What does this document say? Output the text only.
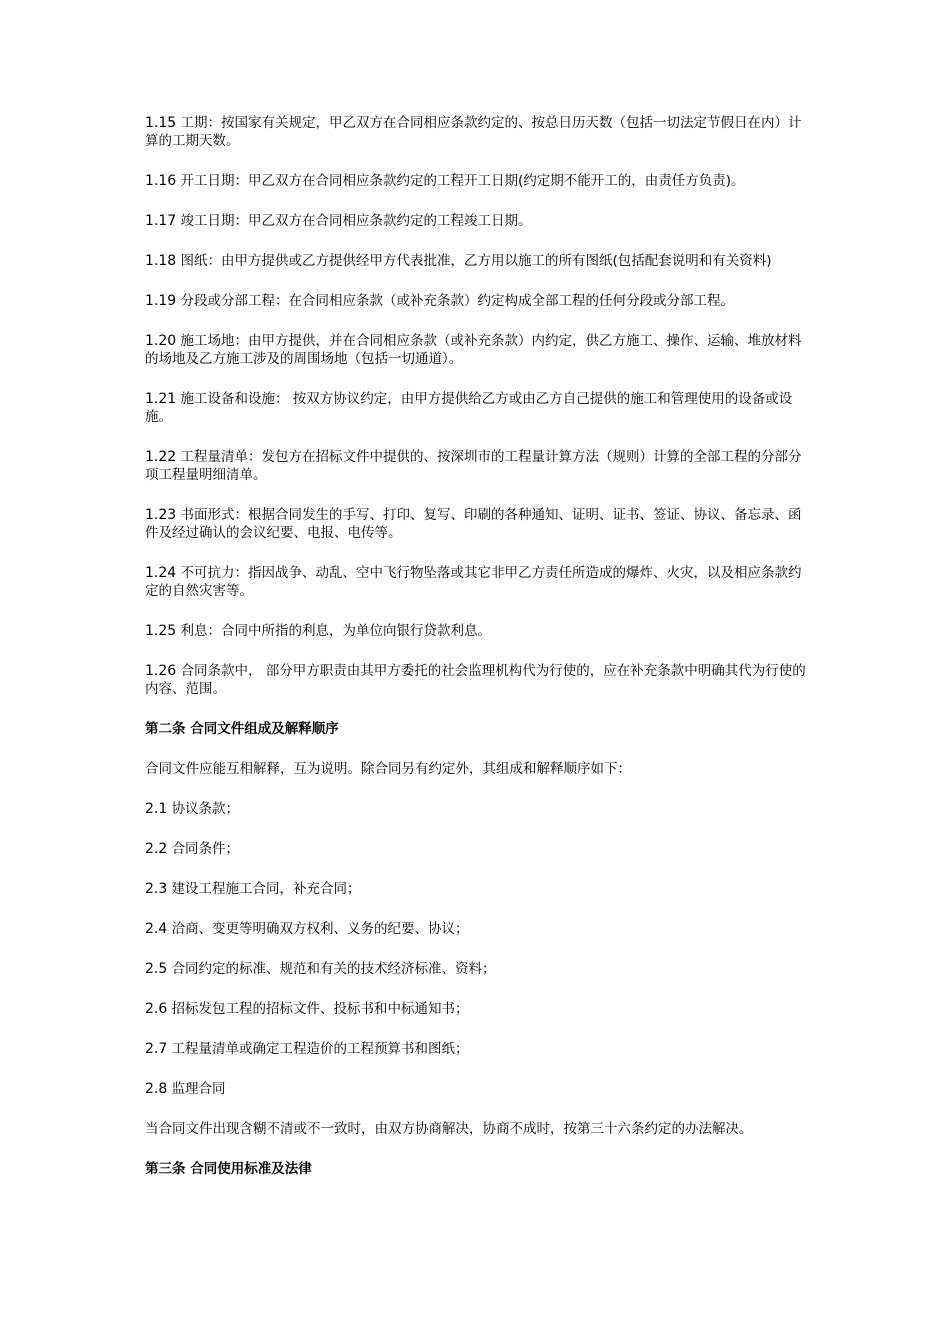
1.15 工期：按国家有关规定，甲乙双方在合同相应条款约定的、按总日历天数（包括一切法定节假日在内）计算的工期天数。

1.16 开工日期：甲乙双方在合同相应条款约定的工程开工日期(约定期不能开工的，由责任方负责)。

1.17 竣工日期：甲乙双方在合同相应条款约定的工程竣工日期。

1.18 图纸：由甲方提供或乙方提供经甲方代表批准，乙方用以施工的所有图纸(包括配套说明和有关资料)

1.19 分段或分部工程：在合同相应条款（或补充条款）约定构成全部工程的任何分段或分部工程。

1.20 施工场地：由甲方提供，并在合同相应条款（或补充条款）内约定，供乙方施工、操作、运输、堆放材料的场地及乙方施工涉及的周围场地（包括一切通道）。

1.21 施工设备和设施： 按双方协议约定，由甲方提供给乙方或由乙方自己提供的施工和管理使用的设备或设施。

1.22 工程量清单：发包方在招标文件中提供的、按深圳市的工程量计算方法（规则）计算的全部工程的分部分项工程量明细清单。

1.23 书面形式：根据合同发生的手写、打印、复写、印刷的各种通知、证明、证书、签证、协议、备忘录、函件及经过确认的会议纪要、电报、电传等。

1.24 不可抗力：指因战争、动乱、空中飞行物坠落或其它非甲乙方责任所造成的爆炸、火灾，以及相应条款约定的自然灾害等。

1.25 利息：合同中所指的利息，为单位向银行贷款利息。

1.26 合同条款中， 部分甲方职责由其甲方委托的社会监理机构代为行使的，应在补充条款中明确其代为行使的内容、范围。

第二条 合同文件组成及解释顺序

合同文件应能互相解释，互为说明。除合同另有约定外，其组成和解释顺序如下：

2.1 协议条款；

2.2 合同条件；

2.3 建设工程施工合同，补充合同；

2.4 洽商、变更等明确双方权利、义务的纪要、协议；

2.5 合同约定的标准、规范和有关的技术经济标准、资料；

2.6 招标发包工程的招标文件、投标书和中标通知书；

2.7 工程量清单或确定工程造价的工程预算书和图纸；

2.8 监理合同

当合同文件出现含糊不清或不一致时，由双方协商解决，协商不成时，按第三十六条约定的办法解决。

第三条 合同使用标准及法律
